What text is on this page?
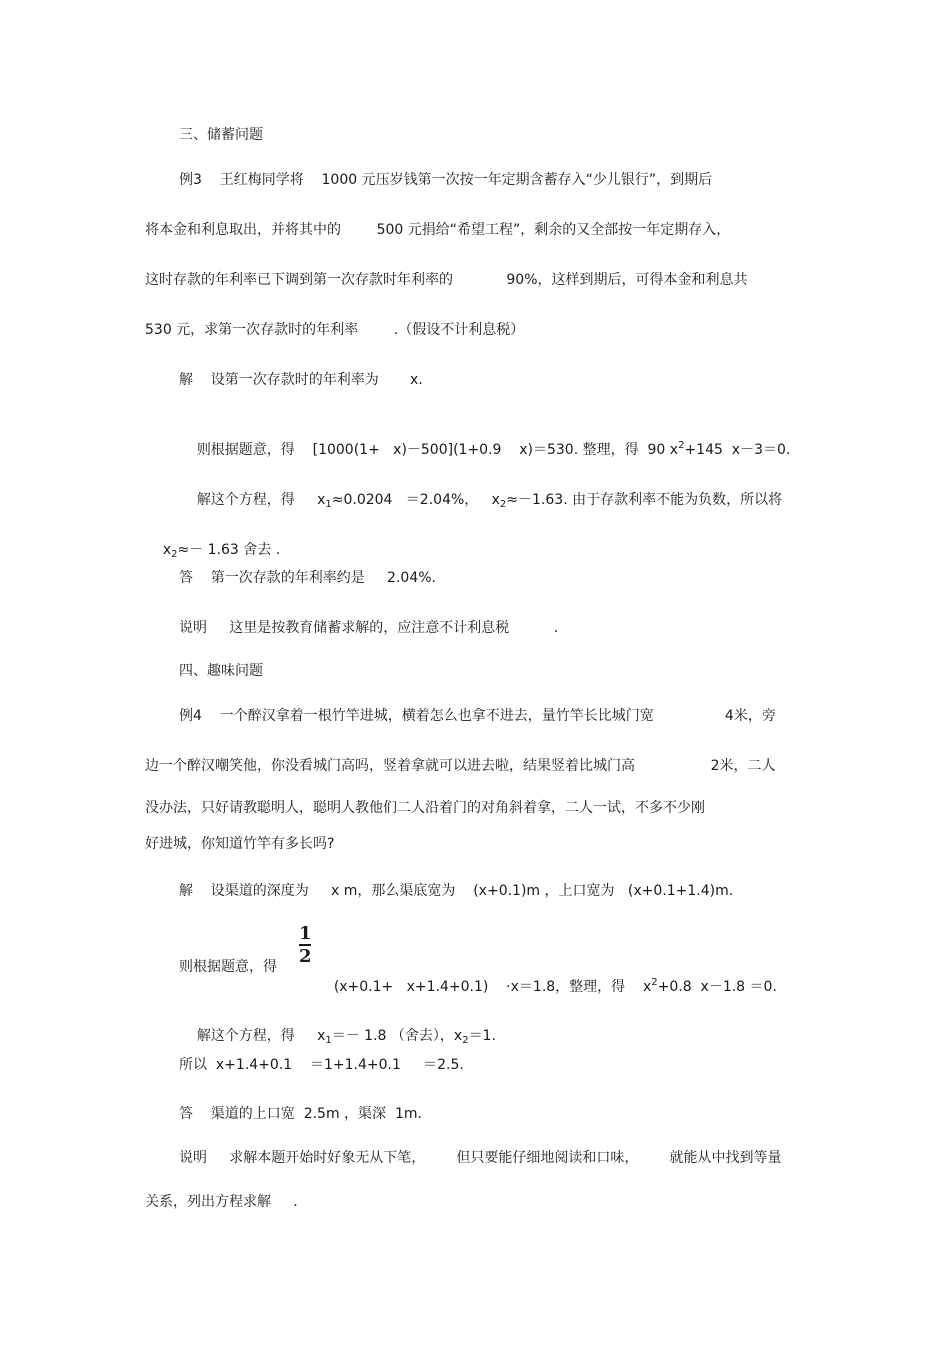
三、储蓄问题
例3    王红梅同学将    1000 元压岁钱第一次按一年定期含蓄存入“少儿银行”，到期后
将本金和利息取出，并将其中的        500 元捐给“希望工程”，剩余的又全部按一年定期存入，
这时存款的年利率已下调到第一次存款时年利率的            90%，这样到期后，可得本金和利息共
530 元，求第一次存款时的年利率        .（假设不计利息税）
解    设第一次存款时的年利率为       x.

则根据题意，得    [1000(1+   x)－500](1+0.9    x)＝530. 整理，得  90 $x^2+145$  x－3＝0.

解这个方程，得     $x_1\approx 0.0204 =2.04\%$，   $x_2\approx-1.63$. 由于存款利率不能为负数，所以将

$x_2\approx- 1.63$ 舍去 .

答    第一次存款的年利率约是     2.04%.
说明     这里是按教育储蓄求解的，应注意不计利息税          .
四、趣味问题
例4    一个醉汉拿着一根竹竿进城，横着怎么也拿不进去，量竹竿长比城门宽                4米，旁
边一个醉汉嘲笑他，你没看城门高吗，竖着拿就可以进去啦，结果竖着比城门高                 2米，二人
没办法，只好请教聪明人，聪明人教他们二人沿着门的对角斜着拿，二人一试，不多不少刚
好进城，你知道竹竿有多长吗?
解    设渠道的深度为     x m，那么渠底宽为    (x+0.1)m ，上口宽为   (x+0.1+1.4)m.
1
2
则根据题意，得

(x+0.1+   x+1.4+0.1)    ·x＝1.8，整理，得    $x^2+0.8$  x－1.8 ＝0.

解这个方程，得     $x_1=- 1.8$ （舍去），$x_2=1$.

所以  x+1.4+0.1    ＝1+1.4+0.1     ＝2.5.
答    渠道的上口宽  2.5m ，渠深  1m.
说明     求解本题开始时好象无从下笔，       但只要能仔细地阅读和口味，       就能从中找到等量
关系，列出方程求解     .
